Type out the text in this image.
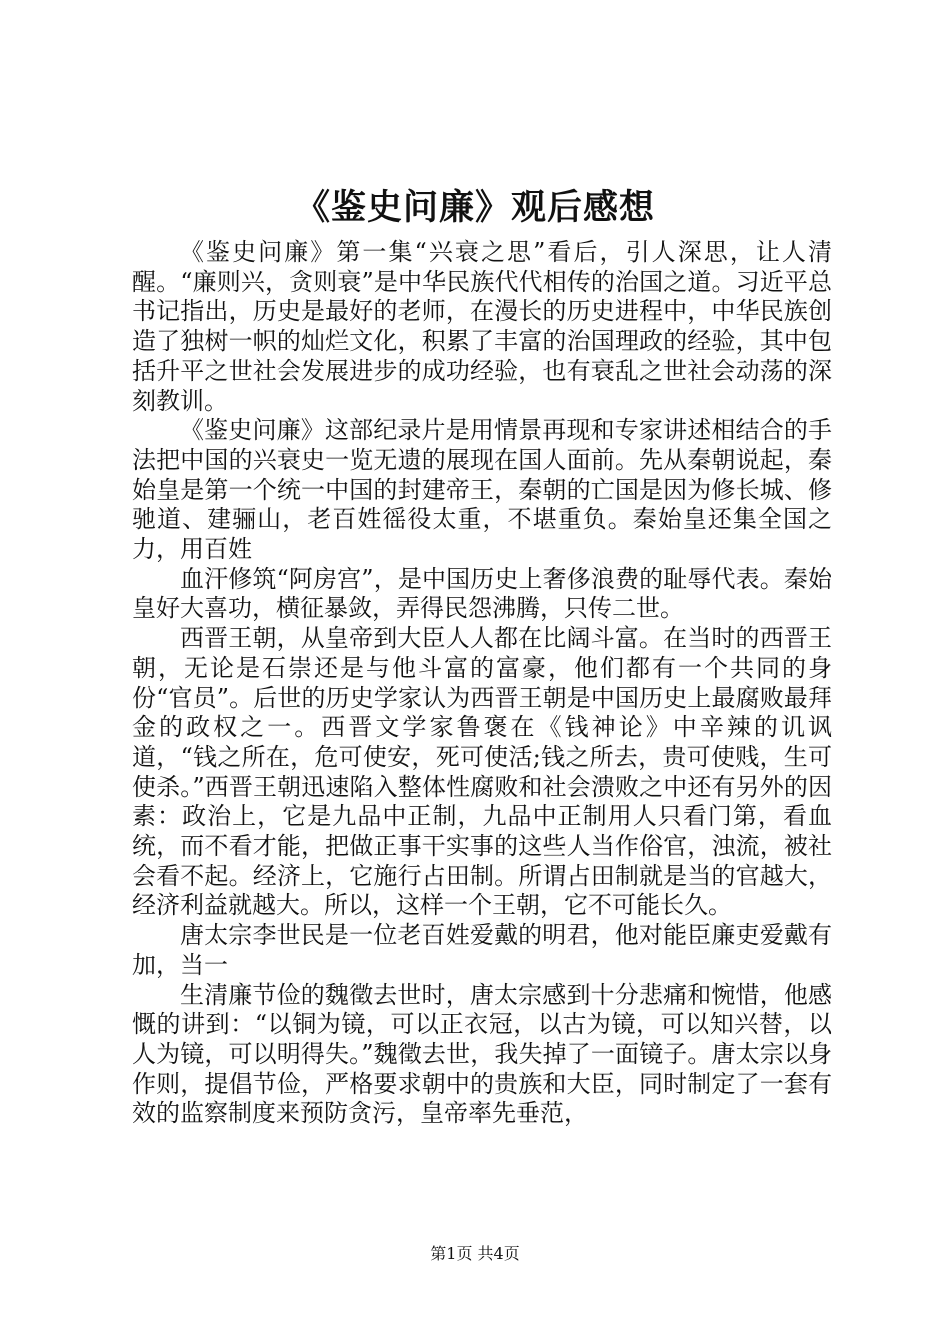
《鉴史问廉》观后感想

《鉴史问廉》第一集“兴衰之思”看后，引人深思，让人清醒。“廉则兴，贪则衰”是中华民族代代相传的治国之道。习近平总书记指出，历史是最好的老师，在漫长的历史进程中，中华民族创造了独树一帜的灿烂文化，积累了丰富的治国理政的经验，其中包括升平之世社会发展进步的成功经验，也有衰乱之世社会动荡的深刻教训。

《鉴史问廉》这部纪录片是用情景再现和专家讲述相结合的手法把中国的兴衰史一览无遗的展现在国人面前。先从秦朝说起，秦始皇是第一个统一中国的封建帝王，秦朝的亡国是因为修长城、修驰道、建骊山，老百姓徭役太重，不堪重负。秦始皇还集全国之力，用百姓

血汗修筑“阿房宫”，是中国历史上奢侈浪费的耻辱代表。秦始皇好大喜功，横征暴敛，弄得民怨沸腾，只传二世。

西晋王朝，从皇帝到大臣人人都在比阔斗富。在当时的西晋王朝，无论是石崇还是与他斗富的富豪，他们都有一个共同的身份“官员”。后世的历史学家认为西晋王朝是中国历史上最腐败最拜金的政权之一。西晋文学家鲁褒在《钱神论》中辛辣的讥讽道，“钱之所在，危可使安，死可使活;钱之所去，贵可使贱，生可使杀。”西晋王朝迅速陷入整体性腐败和社会溃败之中还有另外的因素：政治上，它是九品中正制，九品中正制用人只看门第，看血统，而不看才能，把做正事干实事的这些人当作俗官，浊流，被社会看不起。经济上，它施行占田制。所谓占田制就是当的官越大，经济利益就越大。所以，这样一个王朝，它不可能长久。

唐太宗李世民是一位老百姓爱戴的明君，他对能臣廉吏爱戴有加，当一

生清廉节俭的魏徵去世时，唐太宗感到十分悲痛和惋惜，他感慨的讲到：“以铜为镜，可以正衣冠，以古为镜，可以知兴替，以人为镜，可以明得失。”魏徵去世，我失掉了一面镜子。唐太宗以身作则，提倡节俭，严格要求朝中的贵族和大臣，同时制定了一套有效的监察制度来预防贪污，皇帝率先垂范，

第1页 共4页
